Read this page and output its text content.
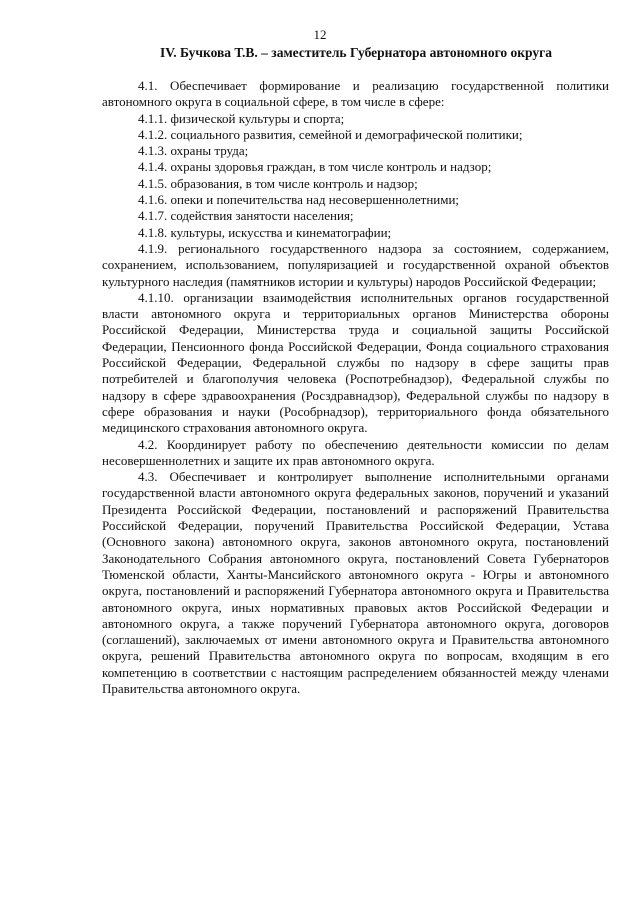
12
IV. Бучкова Т.В. – заместитель Губернатора автономного округа

4.1. Обеспечивает формирование и реализацию государственной политики автономного округа в социальной сфере, в том числе в сфере:

4.1.1. физической культуры и спорта;

4.1.2. социального развития, семейной и демографической политики;

4.1.3. охраны труда;

4.1.4. охраны здоровья граждан, в том числе контроль и надзор;

4.1.5. образования, в том числе контроль и надзор;

4.1.6. опеки и попечительства над несовершеннолетними;

4.1.7. содействия занятости населения;

4.1.8. культуры, искусства и кинематографии;

4.1.9. регионального государственного надзора за состоянием, содержанием, сохранением, использованием, популяризацией и государственной охраной объектов культурного наследия (памятников истории и культуры) народов Российской Федерации;

4.1.10. организации взаимодействия исполнительных органов государственной власти автономного округа и территориальных органов Министерства обороны Российской Федерации, Министерства труда и социальной защиты Российской Федерации, Пенсионного фонда Российской Федерации, Фонда социального страхования Российской Федерации, Федеральной службы по надзору в сфере защиты прав потребителей и благополучия человека (Роспотребнадзор), Федеральной службы по надзору в сфере здравоохранения (Росздравнадзор), Федеральной службы по надзору в сфере образования и науки (Рособрнадзор), территориального фонда обязательного медицинского страхования автономного округа.

4.2. Координирует работу по обеспечению деятельности комиссии по делам несовершеннолетних и защите их прав автономного округа.

4.3. Обеспечивает и контролирует выполнение исполнительными органами государственной власти автономного округа федеральных законов, поручений и указаний Президента Российской Федерации, постановлений и распоряжений Правительства Российской Федерации, поручений Правительства Российской Федерации, Устава (Основного закона) автономного округа, законов автономного округа, постановлений Законодательного Собрания автономного округа, постановлений Совета Губернаторов Тюменской области, Ханты-Мансийского автономного округа - Югры и автономного округа, постановлений и распоряжений Губернатора автономного округа и Правительства автономного округа, иных нормативных правовых актов Российской Федерации и автономного округа, а также поручений Губернатора автономного округа, договоров (соглашений), заключаемых от имени автономного округа и Правительства автономного округа, решений Правительства автономного округа по вопросам, входящим в его компетенцию в соответствии с настоящим распределением обязанностей между членами Правительства автономного округа.
